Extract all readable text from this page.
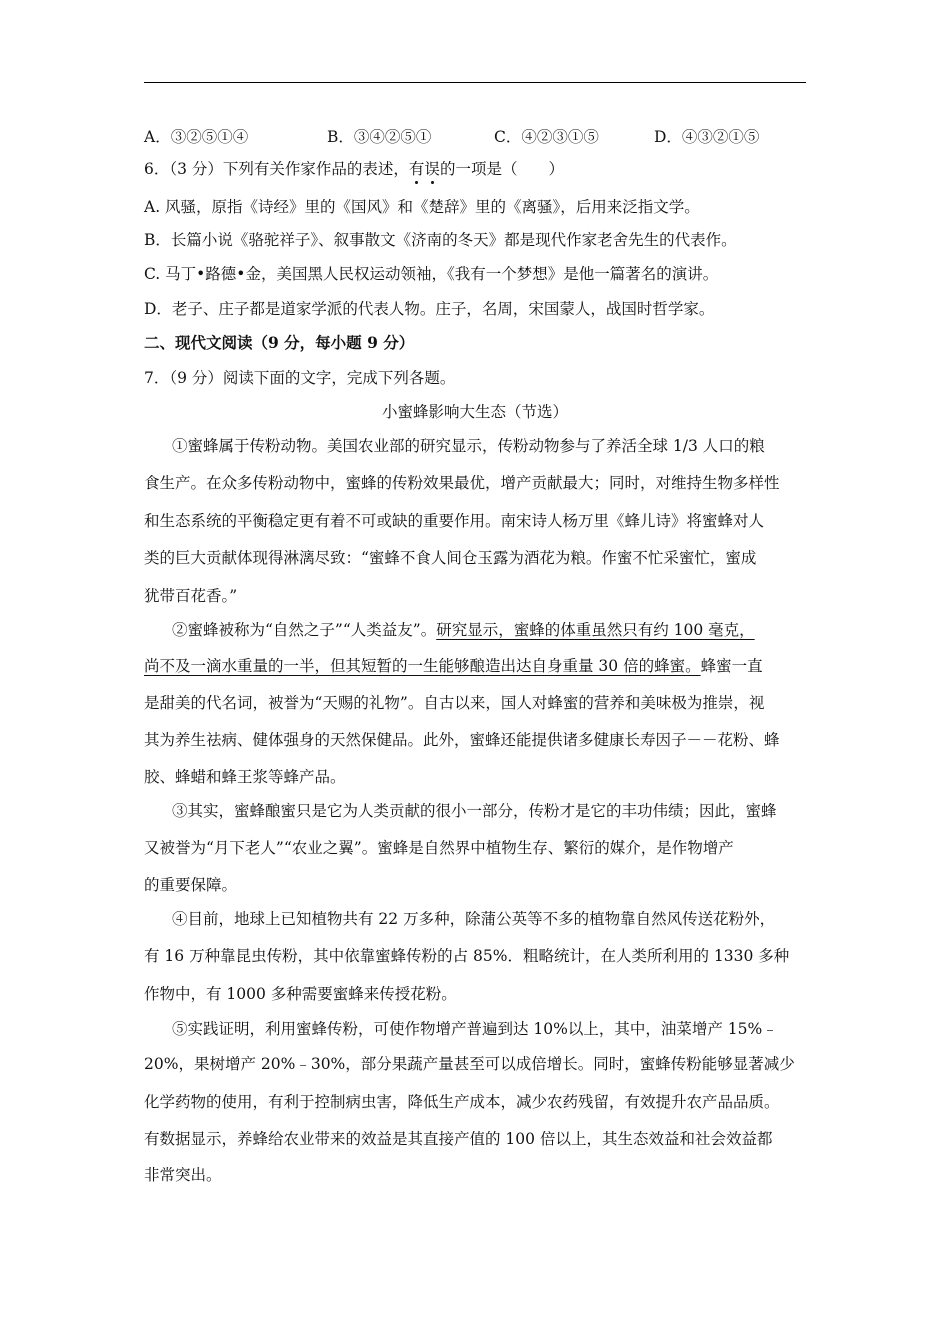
A．③②⑤①④	B．③④②⑤①	C．④②③①⑤	D．④③②①⑤
6．（3 分）下列有关作家作品的表述，有误的一项是（　　）
A. 风骚，原指《诗经》里的《国风》和《楚辞》里的《离骚》，后用来泛指文学。
B．长篇小说《骆驼祥子》、叙事散文《济南的冬天》都是现代作家老舍先生的代表作。
C. 马丁•路德•金，美国黑人民权运动领袖，《我有一个梦想》是他一篇著名的演讲。
D．老子、庄子都是道家学派的代表人物。庄子，名周，宋国蒙人，战国时哲学家。
二、现代文阅读（9 分，每小题 9 分）
7．（9 分）阅读下面的文字，完成下列各题。
小蜜蜂影响大生态（节选）
①蜜蜂属于传粉动物。美国农业部的研究显示，传粉动物参与了养活全球 1/3 人口的粮
食生产。在众多传粉动物中，蜜蜂的传粉效果最优，增产贡献最大；同时，对维持生物多样性
和生态系统的平衡稳定更有着不可或缺的重要作用。南宋诗人杨万里《蜂儿诗》将蜜蜂对人
类的巨大贡献体现得淋漓尽致：“蜜蜂不食人间仓玉露为酒花为粮。作蜜不忙采蜜忙，蜜成
犹带百花香。”
②蜜蜂被称为“自然之子”“人类益友”。研究显示，蜜蜂的体重虽然只有约 100 毫克，
尚不及一滴水重量的一半，但其短暂的一生能够酿造出达自身重量 30 倍的蜂蜜。蜂蜜一直
是甜美的代名词，被誉为“天赐的礼物”。自古以来，国人对蜂蜜的营养和美味极为推崇，视
其为养生祛病、健体强身的天然保健品。此外，蜜蜂还能提供诸多健康长寿因子－－花粉、蜂
胶、蜂蜡和蜂王浆等蜂产品。
③其实，蜜蜂酿蜜只是它为人类贡献的很小一部分，传粉才是它的丰功伟绩；因此，蜜蜂
又被誉为“月下老人”“农业之翼”。蜜蜂是自然界中植物生存、繁衍的媒介，是作物增产
的重要保障。
④目前，地球上已知植物共有 22 万多种，除蒲公英等不多的植物靠自然风传送花粉外，
有 16 万种靠昆虫传粉，其中依靠蜜蜂传粉的占 85%．粗略统计，在人类所利用的 1330 多种
作物中，有 1000 多种需要蜜蜂来传授花粉。
⑤实践证明，利用蜜蜂传粉，可使作物增产普遍到达 10%以上，其中，油菜增产 15%﹣
20%，果树增产 20%﹣30%，部分果蔬产量甚至可以成倍增长。同时，蜜蜂传粉能够显著减少
化学药物的使用，有利于控制病虫害，降低生产成本，减少农药残留，有效提升农产品品质。
有数据显示，养蜂给农业带来的效益是其直接产值的 100 倍以上，其生态效益和社会效益都
非常突出。
